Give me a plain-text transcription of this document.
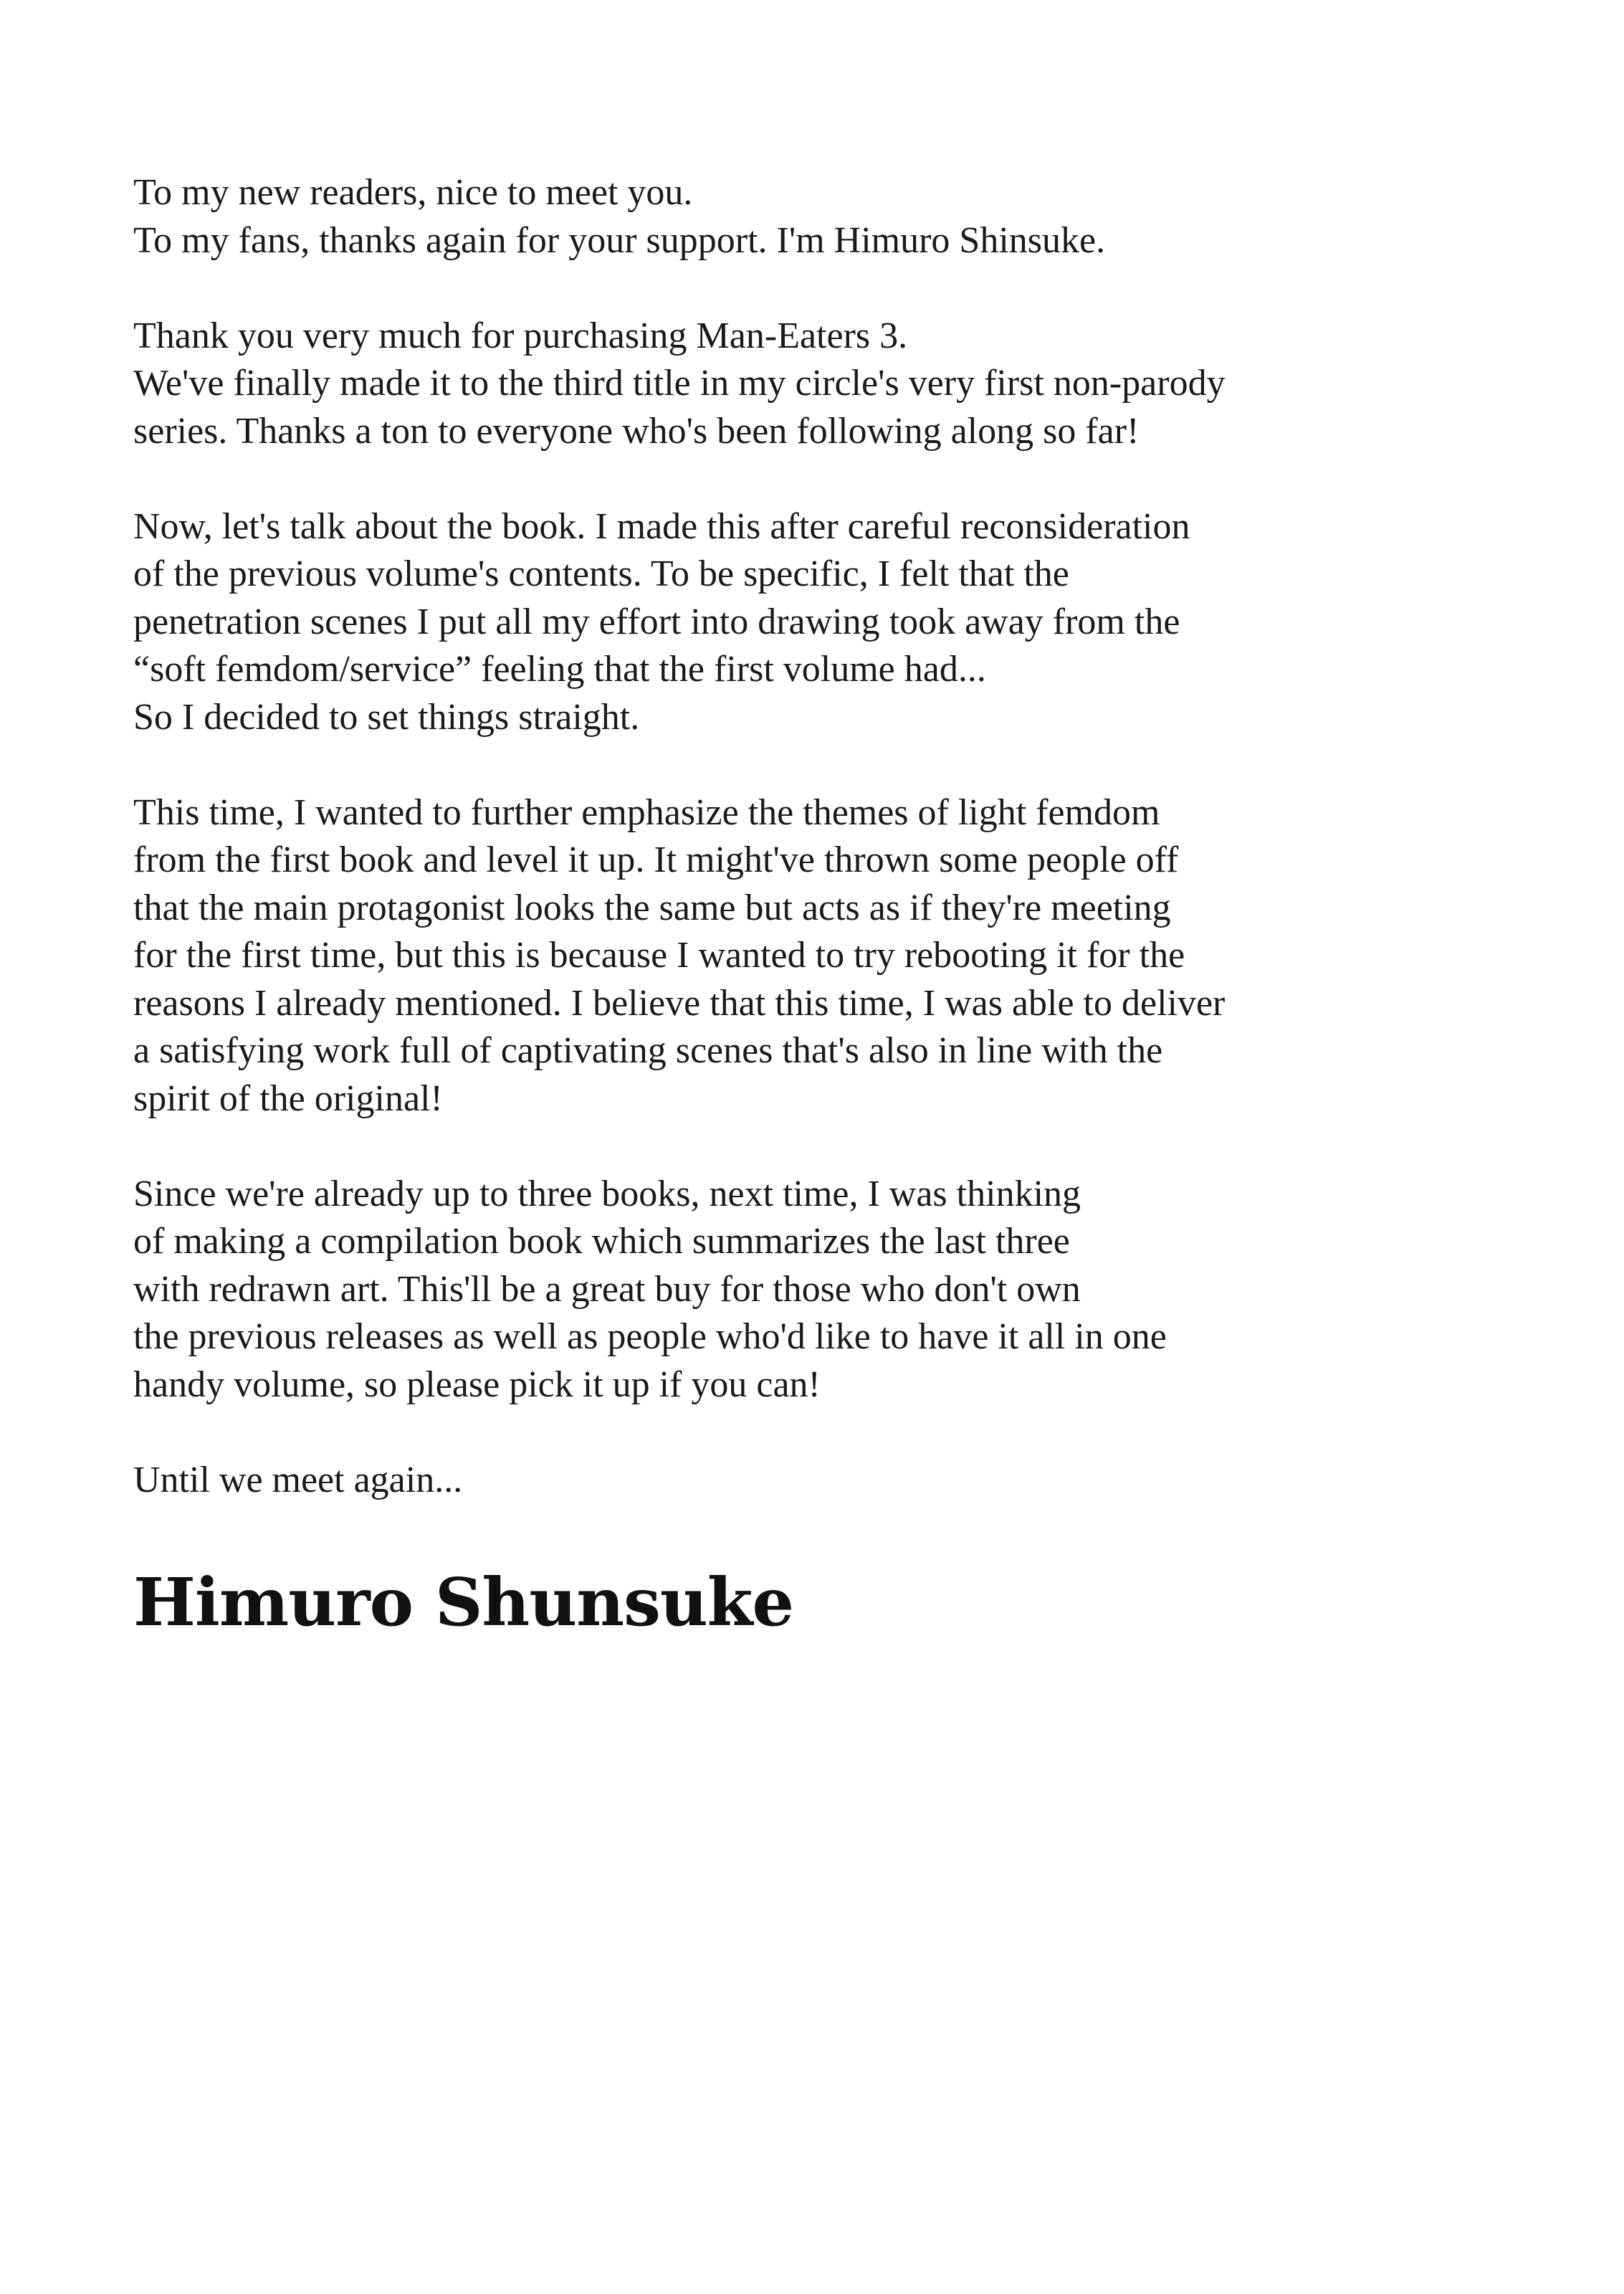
To my new readers, nice to meet you.
To my fans, thanks again for your support. I'm Himuro Shinsuke.
Thank you very much for purchasing Man-Eaters 3.
We've finally made it to the third title in my circle's very first non-parody
series. Thanks a ton to everyone who's been following along so far!
Now, let's talk about the book. I made this after careful reconsideration
of the previous volume's contents. To be specific, I felt that the
penetration scenes I put all my effort into drawing took away from the
“soft femdom/service” feeling that the first volume had...
So I decided to set things straight.
This time, I wanted to further emphasize the themes of light femdom
from the first book and level it up. It might've thrown some people off
that the main protagonist looks the same but acts as if they're meeting
for the first time, but this is because I wanted to try rebooting it for the
reasons I already mentioned. I believe that this time, I was able to deliver
a satisfying work full of captivating scenes that's also in line with the
spirit of the original!
Since we're already up to three books, next time, I was thinking
of making a compilation book which summarizes the last three
with redrawn art. This'll be a great buy for those who don't own
the previous releases as well as people who'd like to have it all in one
handy volume, so please pick it up if you can!
Until we meet again...
Himuro Shunsuke
